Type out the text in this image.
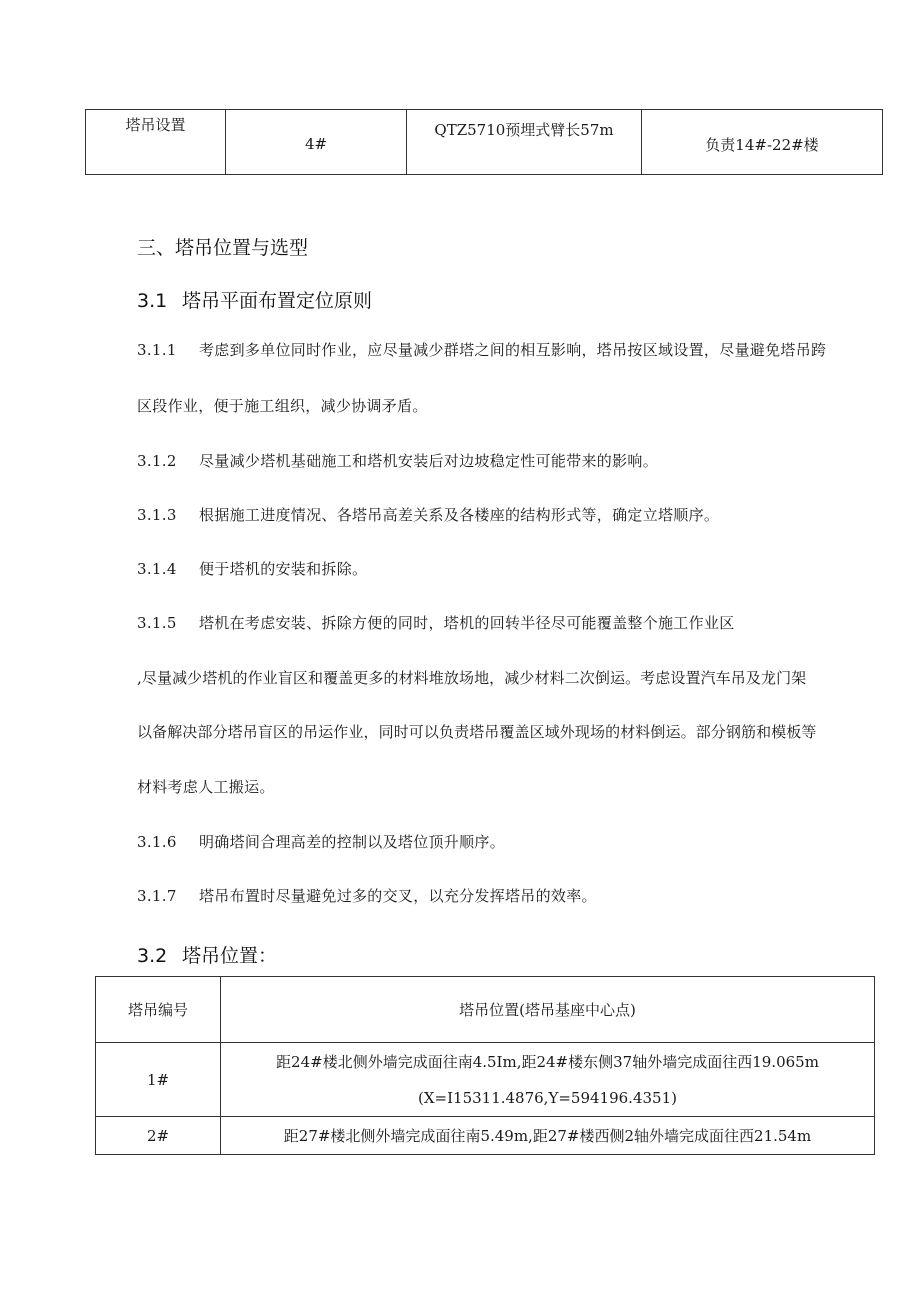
塔吊设置	4#	QTZ5710预埋式臂长57m	负责14#-22#楼
三、塔吊位置与选型
3.1 塔吊平面布置定位原则
3.1.1 考虑到多单位同时作业，应尽量减少群塔之间的相互影响，塔吊按区域设置，尽量避免塔吊跨
区段作业，便于施工组织，减少协调矛盾。
3.1.2 尽量减少塔机基础施工和塔机安装后对边坡稳定性可能带来的影响。
3.1.3 根据施工进度情况、各塔吊高差关系及各楼座的结构形式等，确定立塔顺序。
3.1.4 便于塔机的安装和拆除。
3.1.5 塔机在考虑安装、拆除方便的同时，塔机的回转半径尽可能覆盖整个施工作业区
,尽量减少塔机的作业盲区和覆盖更多的材料堆放场地，减少材料二次倒运。考虑设置汽车吊及龙门架
以备解决部分塔吊盲区的吊运作业，同时可以负责塔吊覆盖区域外现场的材料倒运。部分钢筋和模板等
材料考虑人工搬运。
3.1.6 明确塔间合理高差的控制以及塔位顶升顺序。
3.1.7 塔吊布置时尽量避免过多的交叉，以充分发挥塔吊的效率。
3.2 塔吊位置：
塔吊编号	塔吊位置(塔吊基座中心点)
1#	距24#楼北侧外墙完成面往南4.5Im,距24#楼东侧37轴外墙完成面往西19.065m
(X=I15311.4876,Y=594196.4351)

2#	距27#楼北侧外墙完成面往南5.49m,距27#楼西侧2轴外墙完成面往西21.54m
